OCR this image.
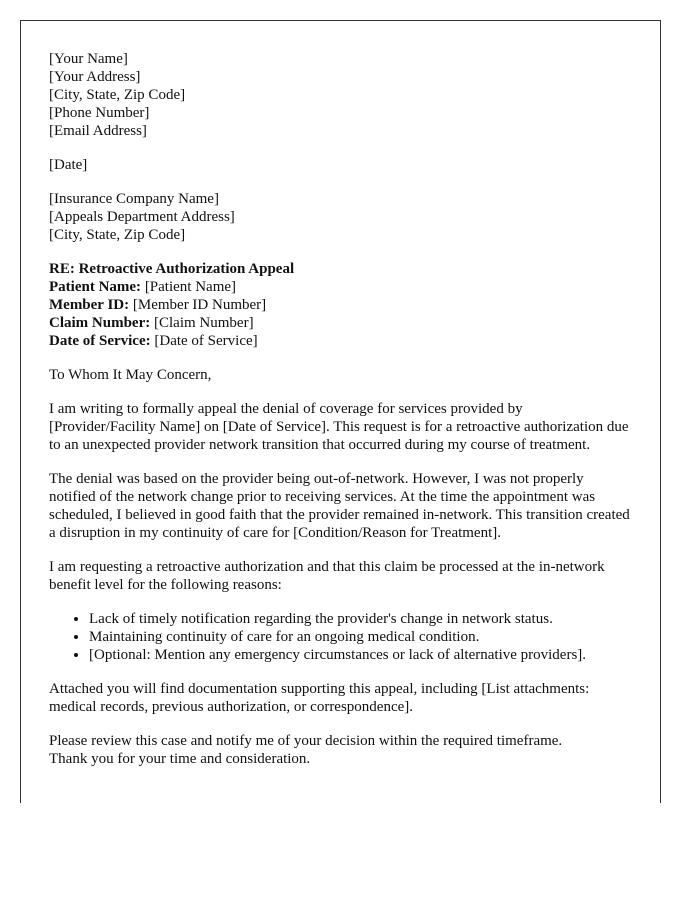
[Your Name]
[Your Address]
[City, State, Zip Code]
[Phone Number]
[Email Address]

[Date]

[Insurance Company Name]
[Appeals Department Address]
[City, State, Zip Code]
RE: Retroactive Authorization Appeal
Patient Name: [Patient Name]
Member ID: [Member ID Number]
Claim Number: [Claim Number]
Date of Service: [Date of Service]

To Whom It May Concern,

I am writing to formally appeal the denial of coverage for services provided by [Provider/Facility Name] on [Date of Service]. This request is for a retroactive authorization due to an unexpected provider network transition that occurred during my course of treatment.

The denial was based on the provider being out-of-network. However, I was not properly notified of the network change prior to receiving services. At the time the appointment was scheduled, I believed in good faith that the provider remained in-network. This transition created a disruption in my continuity of care for [Condition/Reason for Treatment].

I am requesting a retroactive authorization and that this claim be processed at the in-network benefit level for the following reasons:

• Lack of timely notification regarding the provider's change in network status.
• Maintaining continuity of care for an ongoing medical condition.
• [Optional: Mention any emergency circumstances or lack of alternative providers].

Attached you will find documentation supporting this appeal, including [List attachments: medical records, previous authorization, or correspondence].

Please review this case and notify me of your decision within the required timeframe.
Thank you for your time and consideration.
